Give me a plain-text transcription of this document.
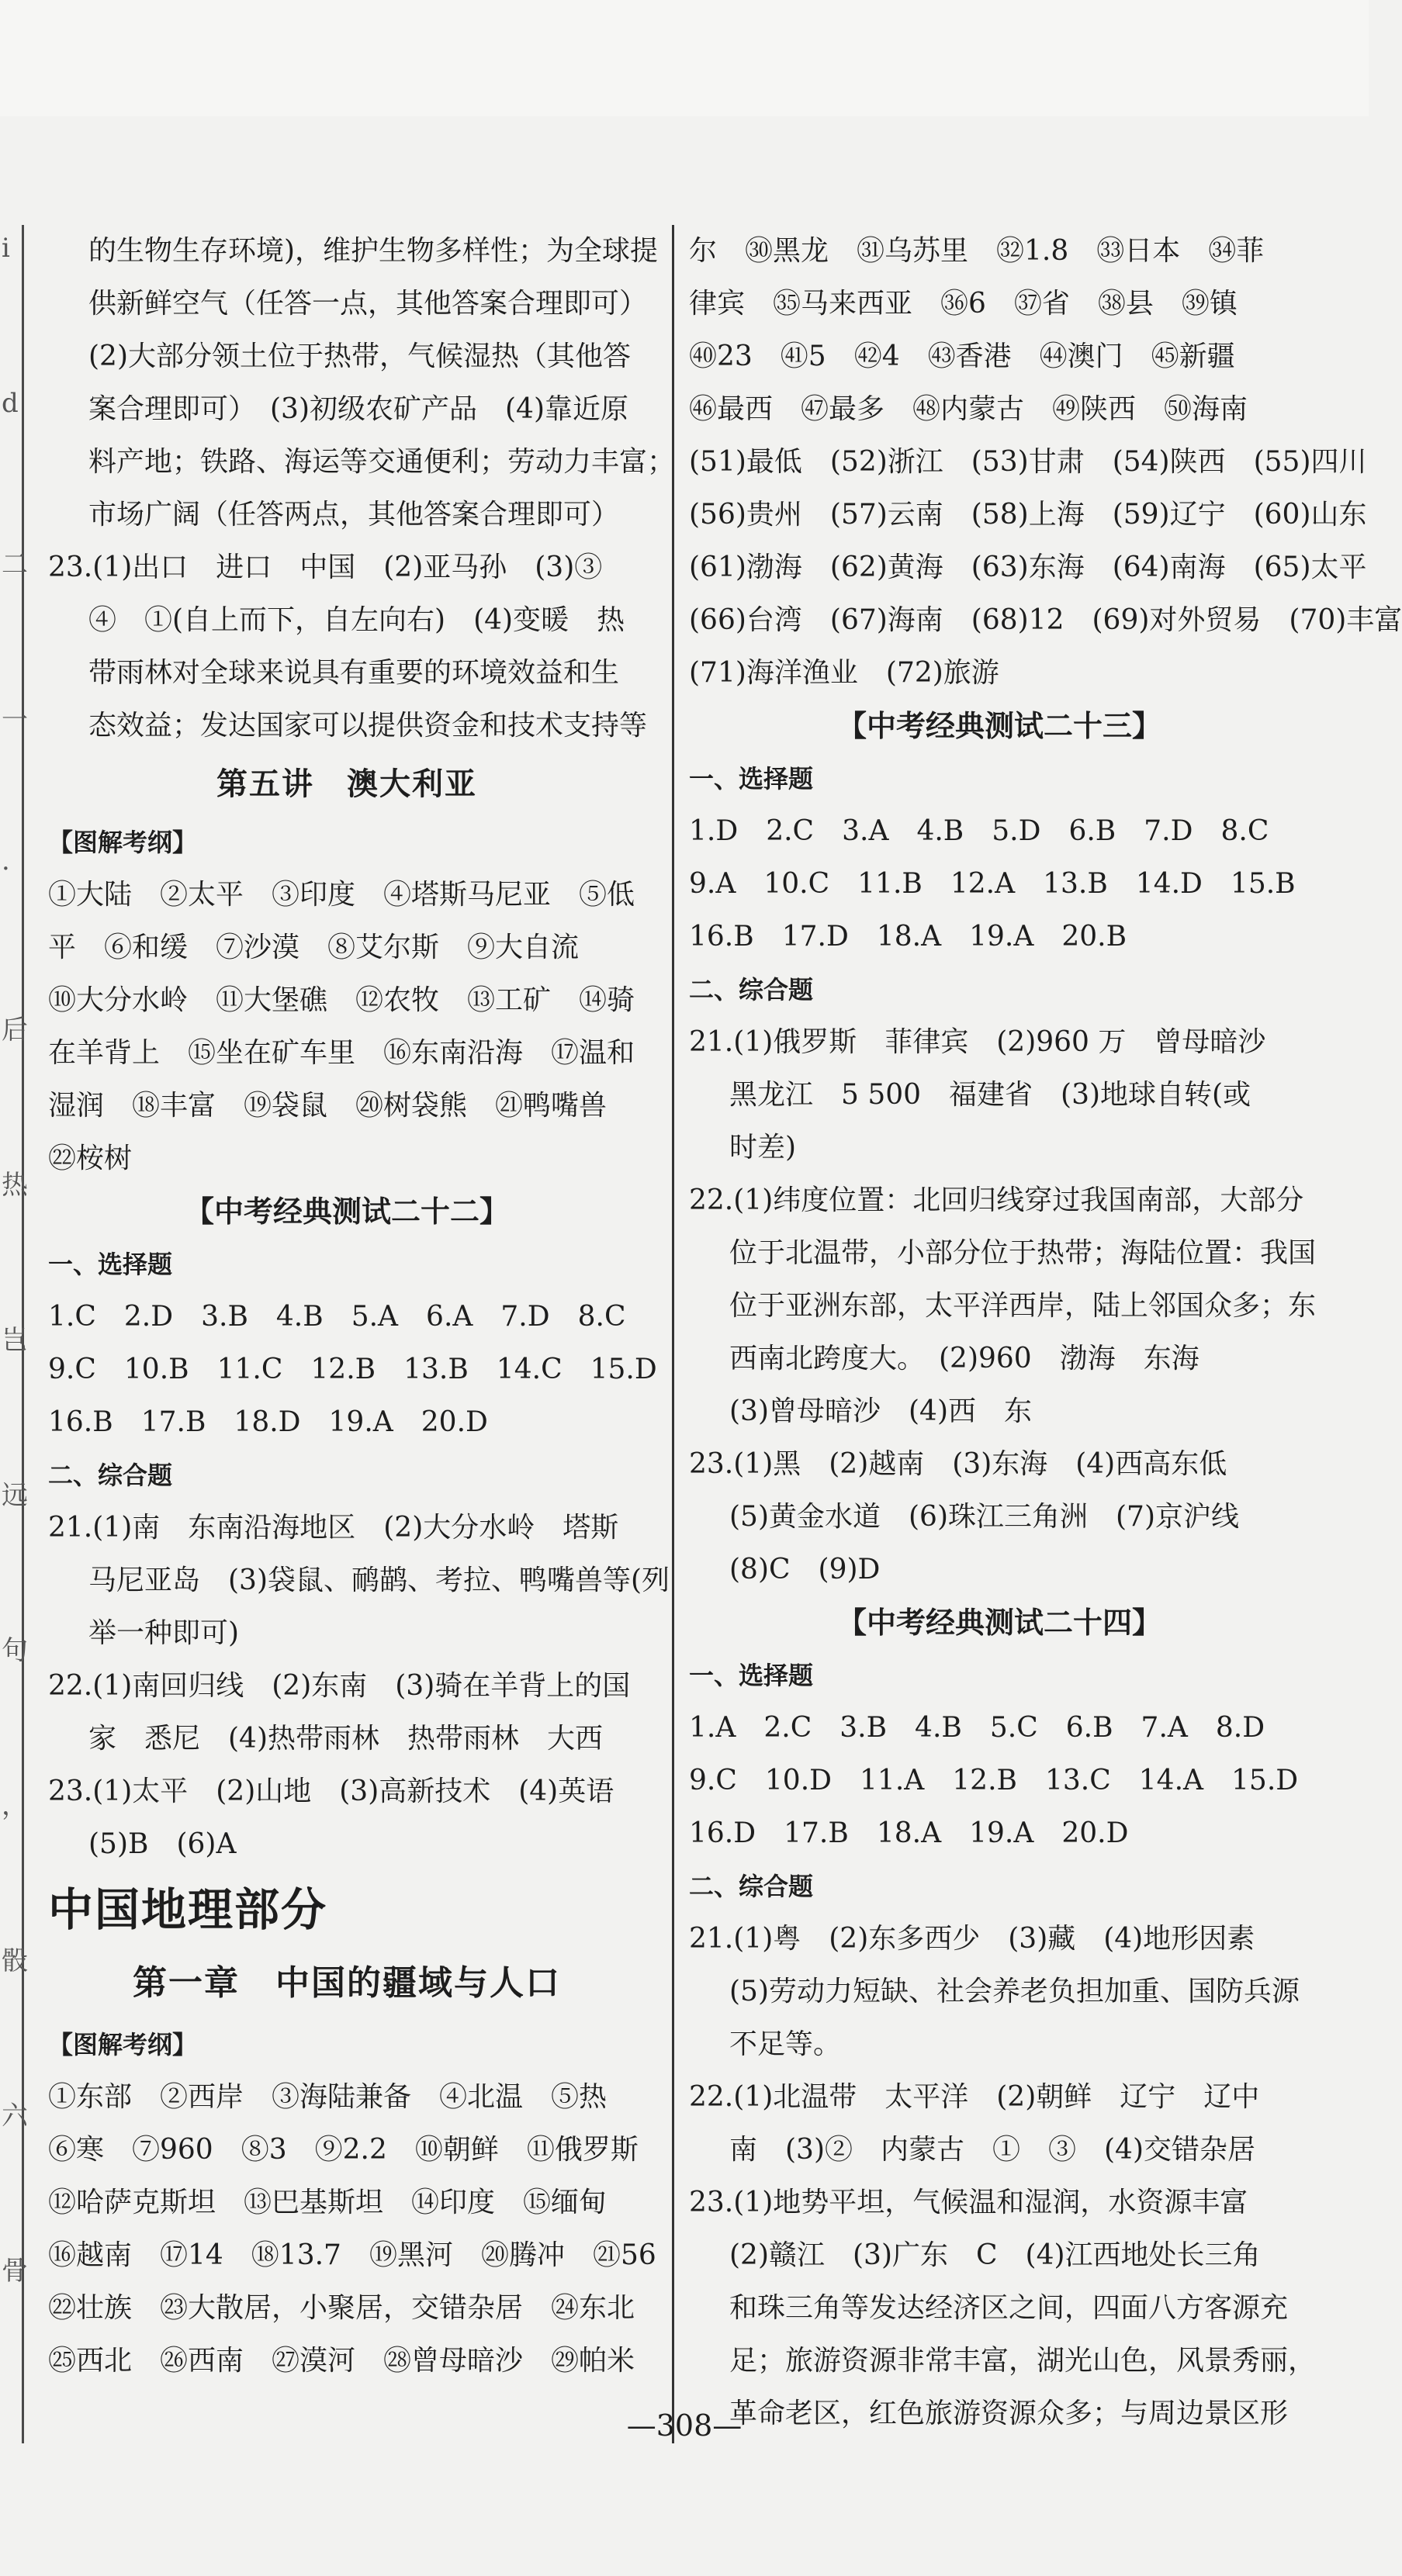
i
d
二
一
·
后
热
岂
远
句
，
骰
六
骨
的生物生存环境)，维护生物多样性；为全球提
供新鲜空气（任答一点，其他答案合理即可）
(2)大部分领土位于热带，气候湿热（其他答
案合理即可）　(3)初级农矿产品　(4)靠近原
料产地；铁路、海运等交通便利；劳动力丰富；
市场广阔（任答两点，其他答案合理即可）
23.(1)出口　进口　中国　(2)亚马孙　(3)③
④　①(自上而下，自左向右)　(4)变暖　热
带雨林对全球来说具有重要的环境效益和生
态效益；发达国家可以提供资金和技术支持等
第五讲　澳大利亚
【图解考纲】
①大陆　②太平　③印度　④塔斯马尼亚　⑤低
平　⑥和缓　⑦沙漠　⑧艾尔斯　⑨大自流
⑩大分水岭　⑪大堡礁　⑫农牧　⑬工矿　⑭骑
在羊背上　⑮坐在矿车里　⑯东南沿海　⑰温和
湿润　⑱丰富　⑲袋鼠　⑳树袋熊　㉑鸭嘴兽
㉒桉树
【中考经典测试二十二】
一、选择题
1.C　2.D　3.B　4.B　5.A　6.A　7.D　8.C
9.C　10.B　11.C　12.B　13.B　14.C　15.D
16.B　17.B　18.D　19.A　20.D
二、综合题
21.(1)南　东南沿海地区　(2)大分水岭　塔斯
马尼亚岛　(3)袋鼠、鸸鹋、考拉、鸭嘴兽等(列
举一种即可)
22.(1)南回归线　(2)东南　(3)骑在羊背上的国
家　悉尼　(4)热带雨林　热带雨林　大西
23.(1)太平　(2)山地　(3)高新技术　(4)英语
(5)B　(6)A
中国地理部分
第一章　中国的疆域与人口
【图解考纲】
①东部　②西岸　③海陆兼备　④北温　⑤热
⑥寒　⑦960　⑧3　⑨2.2　⑩朝鲜　⑪俄罗斯
⑫哈萨克斯坦　⑬巴基斯坦　⑭印度　⑮缅甸
⑯越南　⑰14　⑱13.7　⑲黑河　⑳腾冲　㉑56
㉒壮族　㉓大散居，小聚居，交错杂居　㉔东北
㉕西北　㉖西南　㉗漠河　㉘曾母暗沙　㉙帕米
尔　㉚黑龙　㉛乌苏里　㉜1.8　㉝日本　㉞菲
律宾　㉟马来西亚　㊱6　㊲省　㊳县　㊴镇
㊵23　㊶5　㊷4　㊸香港　㊹澳门　㊺新疆
㊻最西　㊼最多　㊽内蒙古　㊾陕西　㊿海南
(51)最低　(52)浙江　(53)甘肃　(54)陕西　(55)四川
(56)贵州　(57)云南　(58)上海　(59)辽宁　(60)山东
(61)渤海　(62)黄海　(63)东海　(64)南海　(65)太平
(66)台湾　(67)海南　(68)12　(69)对外贸易　(70)丰富
(71)海洋渔业　(72)旅游
【中考经典测试二十三】
一、选择题
1.D　2.C　3.A　4.B　5.D　6.B　7.D　8.C
9.A　10.C　11.B　12.A　13.B　14.D　15.B
16.B　17.D　18.A　19.A　20.B
二、综合题
21.(1)俄罗斯　菲律宾　(2)960 万　曾母暗沙
黑龙江　5 500　福建省　(3)地球自转(或
时差)
22.(1)纬度位置：北回归线穿过我国南部，大部分
位于北温带，小部分位于热带；海陆位置：我国
位于亚洲东部，太平洋西岸，陆上邻国众多；东
西南北跨度大。　(2)960　渤海　东海
(3)曾母暗沙　(4)西　东
23.(1)黑　(2)越南　(3)东海　(4)西高东低
(5)黄金水道　(6)珠江三角洲　(7)京沪线
(8)C　(9)D
【中考经典测试二十四】
一、选择题
1.A　2.C　3.B　4.B　5.C　6.B　7.A　8.D
9.C　10.D　11.A　12.B　13.C　14.A　15.D
16.D　17.B　18.A　19.A　20.D
二、综合题
21.(1)粤　(2)东多西少　(3)藏　(4)地形因素
(5)劳动力短缺、社会养老负担加重、国防兵源
不足等。
22.(1)北温带　太平洋　(2)朝鲜　辽宁　辽中
南　(3)②　内蒙古　①　③　(4)交错杂居
23.(1)地势平坦，气候温和湿润，水资源丰富
(2)赣江　(3)广东　C　(4)江西地处长三角
和珠三角等发达经济区之间，四面八方客源充
足；旅游资源非常丰富，湖光山色，风景秀丽，
革命老区，红色旅游资源众多；与周边景区形
—308—
